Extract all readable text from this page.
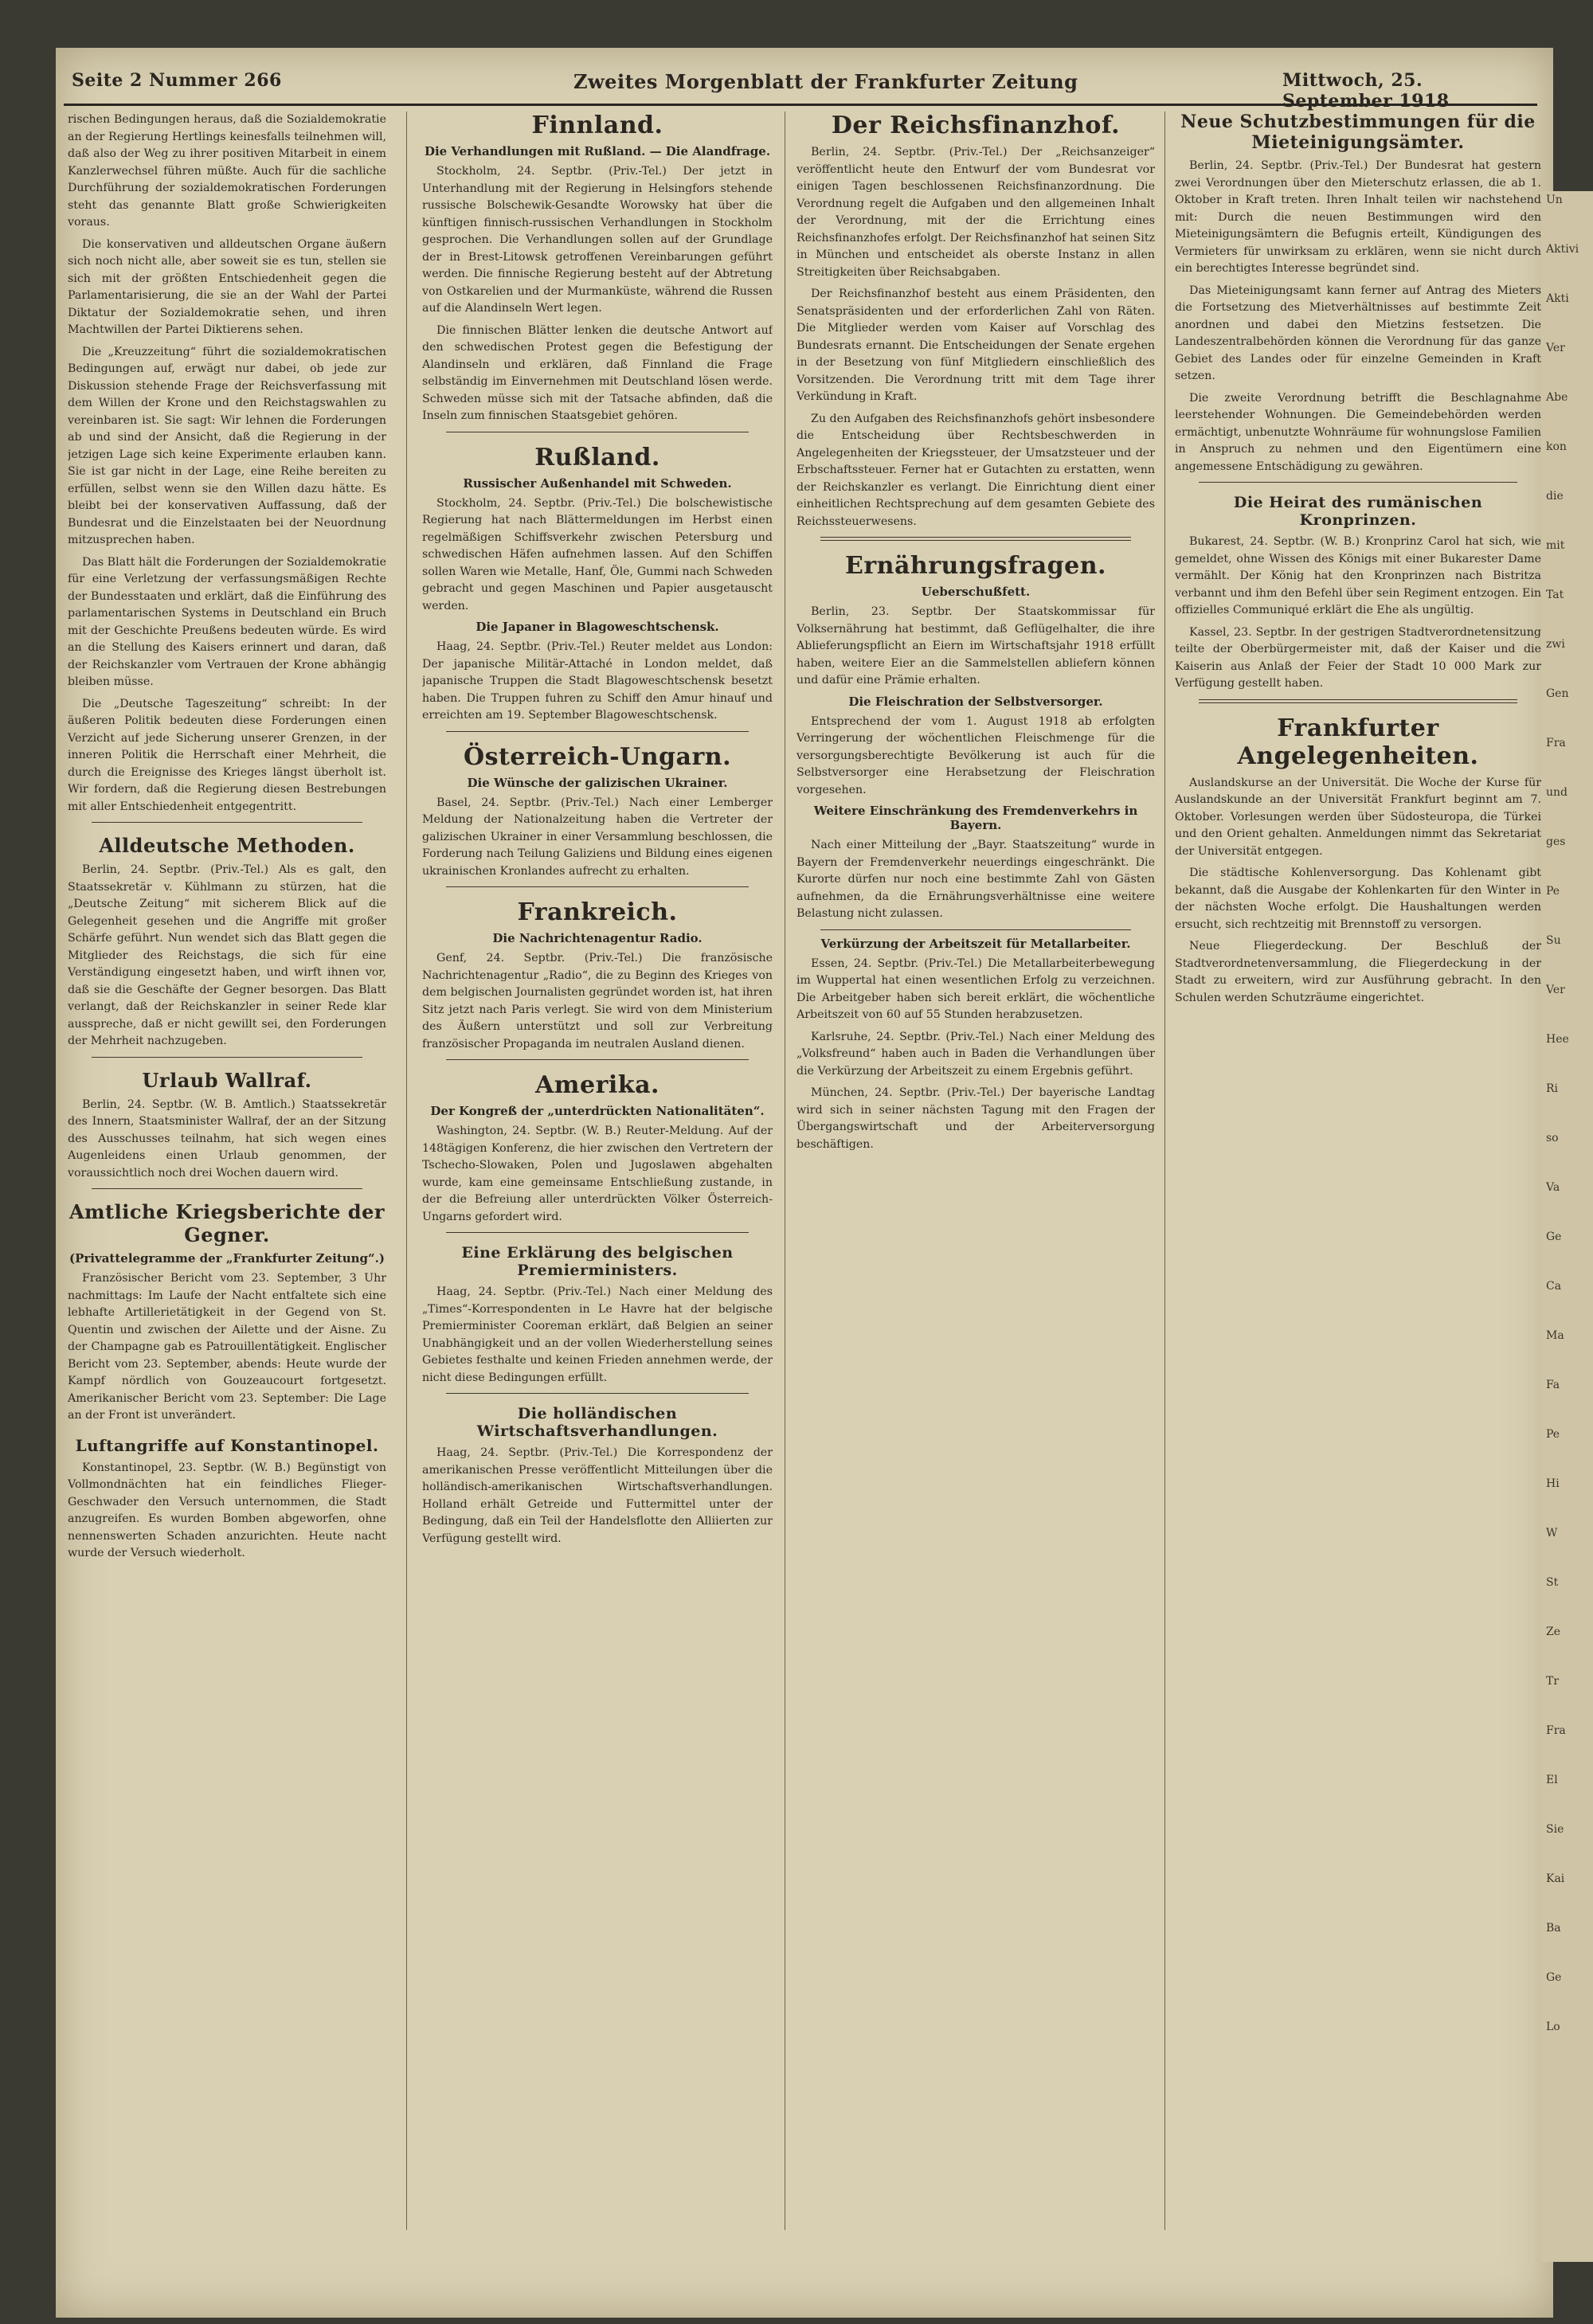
Un
Aktivi
Akti
Ver
Abe
kon
die
mit
Tat
zwi
Gen
Fra
und
ges
Pe
Su
Ver
Hee
Ri
so
Va
Ge
Ca
Ma
Fa
Pe
Hi
W
St
Ze
Tr
Fra
El
Sie
Kai
Ba
Ge
Lo
Seite 2 Nummer 266	Zweites Morgenblatt der Frankfurter Zeitung	Mittwoch, 25. September 1918

rischen Bedingungen heraus, daß die Sozialdemokratie an der Regierung Hertlings keinesfalls teilnehmen will, daß also der Weg zu ihrer positiven Mitarbeit in einem Kanzlerwechsel führen müßte. Auch für die sachliche Durchführung der sozialdemokratischen Forderungen steht das genannte Blatt große Schwierigkeiten voraus.

Die konservativen und alldeutschen Organe äußern sich noch nicht alle, aber soweit sie es tun, stellen sie sich mit der größten Entschiedenheit gegen die Parlamentarisierung, die sie an der Wahl der Partei Diktatur der Sozialdemokratie sehen, und ihren Machtwillen der Partei Diktierens sehen.

Die „Kreuzzeitung“ führt die sozialdemokratischen Bedingungen auf, erwägt nur dabei, ob jede zur Diskussion stehende Frage der Reichsverfassung mit dem Willen der Krone und den Reichstagswahlen zu vereinbaren ist. Sie sagt: Wir lehnen die Forderungen ab und sind der Ansicht, daß die Regierung in der jetzigen Lage sich keine Experimente erlauben kann. Sie ist gar nicht in der Lage, eine Reihe bereiten zu erfüllen, selbst wenn sie den Willen dazu hätte. Es bleibt bei der konservativen Auffassung, daß der Bundesrat und die Einzelstaaten bei der Neuordnung mitzusprechen haben.

Das Blatt hält die Forderungen der Sozialdemokratie für eine Verletzung der verfassungsmäßigen Rechte der Bundesstaaten und erklärt, daß die Einführung des parlamentarischen Systems in Deutschland ein Bruch mit der Geschichte Preußens bedeuten würde. Es wird an die Stellung des Kaisers erinnert und daran, daß der Reichskanzler vom Vertrauen der Krone abhängig bleiben müsse.

Die „Deutsche Tageszeitung“ schreibt: In der äußeren Politik bedeuten diese Forderungen einen Verzicht auf jede Sicherung unserer Grenzen, in der inneren Politik die Herrschaft einer Mehrheit, die durch die Ereignisse des Krieges längst überholt ist. Wir fordern, daß die Regierung diesen Bestrebungen mit aller Entschiedenheit entgegentritt.

Alldeutsche Methoden.

Berlin, 24. Septbr. (Priv.-Tel.) Als es galt, den Staatssekretär v. Kühlmann zu stürzen, hat die „Deutsche Zeitung“ mit sicherem Blick auf die Gelegenheit gesehen und die Angriffe mit großer Schärfe geführt. Nun wendet sich das Blatt gegen die Mitglieder des Reichstags, die sich für eine Verständigung eingesetzt haben, und wirft ihnen vor, daß sie die Geschäfte der Gegner besorgen. Das Blatt verlangt, daß der Reichskanzler in seiner Rede klar ausspreche, daß er nicht gewillt sei, den Forderungen der Mehrheit nachzugeben.

Urlaub Wallraf.

Berlin, 24. Septbr. (W. B. Amtlich.) Staatssekretär des Innern, Staatsminister Wallraf, der an der Sitzung des Ausschusses teilnahm, hat sich wegen eines Augenleidens einen Urlaub genommen, der voraussichtlich noch drei Wochen dauern wird.

Amtliche Kriegsberichte der Gegner.
(Privattelegramme der „Frankfurter Zeitung“.)

Französischer Bericht vom 23. September, 3 Uhr nachmittags: Im Laufe der Nacht entfaltete sich eine lebhafte Artillerietätigkeit in der Gegend von St. Quentin und zwischen der Ailette und der Aisne. Zu der Champagne gab es Patrouillentätigkeit. Englischer Bericht vom 23. September, abends: Heute wurde der Kampf nördlich von Gouzeaucourt fortgesetzt. Amerikanischer Bericht vom 23. September: Die Lage an der Front ist unverändert.

Luftangriffe auf Konstantinopel.

Konstantinopel, 23. Septbr. (W. B.) Begünstigt von Vollmondnächten hat ein feindliches Flieger-Geschwader den Versuch unternommen, die Stadt anzugreifen. Es wurden Bomben abgeworfen, ohne nennenswerten Schaden anzurichten. Heute nacht wurde der Versuch wiederholt.

Finnland.
Die Verhandlungen mit Rußland. — Die Alandfrage.

Stockholm, 24. Septbr. (Priv.-Tel.) Der jetzt in Unterhandlung mit der Regierung in Helsingfors stehende russische Bolschewik-Gesandte Worowsky hat über die künftigen finnisch-russischen Verhandlungen in Stockholm gesprochen. Die Verhandlungen sollen auf der Grundlage der in Brest-Litowsk getroffenen Vereinbarungen geführt werden. Die finnische Regierung besteht auf der Abtretung von Ostkarelien und der Murmanküste, während die Russen auf die Alandinseln Wert legen.

Die finnischen Blätter lenken die deutsche Antwort auf den schwedischen Protest gegen die Befestigung der Alandinseln und erklären, daß Finnland die Frage selbständig im Einvernehmen mit Deutschland lösen werde. Schweden müsse sich mit der Tatsache abfinden, daß die Inseln zum finnischen Staatsgebiet gehören.

Rußland.
Russischer Außenhandel mit Schweden.

Stockholm, 24. Septbr. (Priv.-Tel.) Die bolschewistische Regierung hat nach Blättermeldungen im Herbst einen regelmäßigen Schiffsverkehr zwischen Petersburg und schwedischen Häfen aufnehmen lassen. Auf den Schiffen sollen Waren wie Metalle, Hanf, Öle, Gummi nach Schweden gebracht und gegen Maschinen und Papier ausgetauscht werden.

Die Japaner in Blagoweschtschensk.

Haag, 24. Septbr. (Priv.-Tel.) Reuter meldet aus London: Der japanische Militär-Attaché in London meldet, daß japanische Truppen die Stadt Blagoweschtschensk besetzt haben. Die Truppen fuhren zu Schiff den Amur hinauf und erreichten am 19. September Blagoweschtschensk.

Österreich-Ungarn.
Die Wünsche der galizischen Ukrainer.

Basel, 24. Septbr. (Priv.-Tel.) Nach einer Lemberger Meldung der Nationalzeitung haben die Vertreter der galizischen Ukrainer in einer Versammlung beschlossen, die Forderung nach Teilung Galiziens und Bildung eines eigenen ukrainischen Kronlandes aufrecht zu erhalten.

Frankreich.
Die Nachrichtenagentur Radio.

Genf, 24. Septbr. (Priv.-Tel.) Die französische Nachrichtenagentur „Radio“, die zu Beginn des Krieges von dem belgischen Journalisten gegründet worden ist, hat ihren Sitz jetzt nach Paris verlegt. Sie wird von dem Ministerium des Äußern unterstützt und soll zur Verbreitung französischer Propaganda im neutralen Ausland dienen.

Amerika.
Der Kongreß der „unterdrückten Nationalitäten“.

Washington, 24. Septbr. (W. B.) Reuter-Meldung. Auf der 148tägigen Konferenz, die hier zwischen den Vertretern der Tschecho-Slowaken, Polen und Jugoslawen abgehalten wurde, kam eine gemeinsame Entschließung zustande, in der die Befreiung aller unterdrückten Völker Österreich-Ungarns gefordert wird.

Eine Erklärung des belgischen Premierministers.

Haag, 24. Septbr. (Priv.-Tel.) Nach einer Meldung des „Times“-Korrespondenten in Le Havre hat der belgische Premierminister Cooreman erklärt, daß Belgien an seiner Unabhängigkeit und an der vollen Wiederherstellung seines Gebietes festhalte und keinen Frieden annehmen werde, der nicht diese Bedingungen erfüllt.

Die holländischen Wirtschaftsverhandlungen.

Haag, 24. Septbr. (Priv.-Tel.) Die Korrespondenz der amerikanischen Presse veröffentlicht Mitteilungen über die holländisch-amerikanischen Wirtschaftsverhandlungen. Holland erhält Getreide und Futtermittel unter der Bedingung, daß ein Teil der Handelsflotte den Alliierten zur Verfügung gestellt wird.

Der Reichsfinanzhof.

Berlin, 24. Septbr. (Priv.-Tel.) Der „Reichsanzeiger“ veröffentlicht heute den Entwurf der vom Bundesrat vor einigen Tagen beschlossenen Reichsfinanzordnung. Die Verordnung regelt die Aufgaben und den allgemeinen Inhalt der Verordnung, mit der die Errichtung eines Reichsfinanzhofes erfolgt. Der Reichsfinanzhof hat seinen Sitz in München und entscheidet als oberste Instanz in allen Streitigkeiten über Reichsabgaben.

Der Reichsfinanzhof besteht aus einem Präsidenten, den Senatspräsidenten und der erforderlichen Zahl von Räten. Die Mitglieder werden vom Kaiser auf Vorschlag des Bundesrats ernannt. Die Entscheidungen der Senate ergehen in der Besetzung von fünf Mitgliedern einschließlich des Vorsitzenden. Die Verordnung tritt mit dem Tage ihrer Verkündung in Kraft.

Zu den Aufgaben des Reichsfinanzhofs gehört insbesondere die Entscheidung über Rechtsbeschwerden in Angelegenheiten der Kriegssteuer, der Umsatzsteuer und der Erbschaftssteuer. Ferner hat er Gutachten zu erstatten, wenn der Reichskanzler es verlangt. Die Einrichtung dient einer einheitlichen Rechtsprechung auf dem gesamten Gebiete des Reichssteuerwesens.

Ernährungsfragen.
Ueberschußfett.

Berlin, 23. Septbr. Der Staatskommissar für Volksernährung hat bestimmt, daß Geflügelhalter, die ihre Ablieferungspflicht an Eiern im Wirtschaftsjahr 1918 erfüllt haben, weitere Eier an die Sammelstellen abliefern können und dafür eine Prämie erhalten.

Die Fleischration der Selbstversorger.

Entsprechend der vom 1. August 1918 ab erfolgten Verringerung der wöchentlichen Fleischmenge für die versorgungsberechtigte Bevölkerung ist auch für die Selbstversorger eine Herabsetzung der Fleischration vorgesehen.

Weitere Einschränkung des Fremdenverkehrs in Bayern.

Nach einer Mitteilung der „Bayr. Staatszeitung“ wurde in Bayern der Fremdenverkehr neuerdings eingeschränkt. Die Kurorte dürfen nur noch eine bestimmte Zahl von Gästen aufnehmen, da die Ernährungsverhältnisse eine weitere Belastung nicht zulassen.

Verkürzung der Arbeitszeit für Metallarbeiter.

Essen, 24. Septbr. (Priv.-Tel.) Die Metallarbeiterbewegung im Wuppertal hat einen wesentlichen Erfolg zu verzeichnen. Die Arbeitgeber haben sich bereit erklärt, die wöchentliche Arbeitszeit von 60 auf 55 Stunden herabzusetzen.

Karlsruhe, 24. Septbr. (Priv.-Tel.) Nach einer Meldung des „Volksfreund“ haben auch in Baden die Verhandlungen über die Verkürzung der Arbeitszeit zu einem Ergebnis geführt.

München, 24. Septbr. (Priv.-Tel.) Der bayerische Landtag wird sich in seiner nächsten Tagung mit den Fragen der Übergangswirtschaft und der Arbeiterversorgung beschäftigen.

Neue Schutzbestimmungen für die Mieteinigungsämter.

Berlin, 24. Septbr. (Priv.-Tel.) Der Bundesrat hat gestern zwei Verordnungen über den Mieterschutz erlassen, die ab 1. Oktober in Kraft treten. Ihren Inhalt teilen wir nachstehend mit: Durch die neuen Bestimmungen wird den Mieteinigungsämtern die Befugnis erteilt, Kündigungen des Vermieters für unwirksam zu erklären, wenn sie nicht durch ein berechtigtes Interesse begründet sind.

Das Mieteinigungsamt kann ferner auf Antrag des Mieters die Fortsetzung des Mietverhältnisses auf bestimmte Zeit anordnen und dabei den Mietzins festsetzen. Die Landeszentralbehörden können die Verordnung für das ganze Gebiet des Landes oder für einzelne Gemeinden in Kraft setzen.

Die zweite Verordnung betrifft die Beschlagnahme leerstehender Wohnungen. Die Gemeindebehörden werden ermächtigt, unbenutzte Wohnräume für wohnungslose Familien in Anspruch zu nehmen und den Eigentümern eine angemessene Entschädigung zu gewähren.

Die Heirat des rumänischen Kronprinzen.

Bukarest, 24. Septbr. (W. B.) Kronprinz Carol hat sich, wie gemeldet, ohne Wissen des Königs mit einer Bukarester Dame vermählt. Der König hat den Kronprinzen nach Bistritza verbannt und ihm den Befehl über sein Regiment entzogen. Ein offizielles Communiqué erklärt die Ehe als ungültig.

Kassel, 23. Septbr. In der gestrigen Stadtverordnetensitzung teilte der Oberbürgermeister mit, daß der Kaiser und die Kaiserin aus Anlaß der Feier der Stadt 10 000 Mark zur Verfügung gestellt haben.

Frankfurter Angelegenheiten.

Auslandskurse an der Universität. Die Woche der Kurse für Auslandskunde an der Universität Frankfurt beginnt am 7. Oktober. Vorlesungen werden über Südosteuropa, die Türkei und den Orient gehalten. Anmeldungen nimmt das Sekretariat der Universität entgegen.

Die städtische Kohlenversorgung. Das Kohlenamt gibt bekannt, daß die Ausgabe der Kohlenkarten für den Winter in der nächsten Woche erfolgt. Die Haushaltungen werden ersucht, sich rechtzeitig mit Brennstoff zu versorgen.

Neue Fliegerdeckung. Der Beschluß der Stadtverordnetenversammlung, die Fliegerdeckung in der Stadt zu erweitern, wird zur Ausführung gebracht. In den Schulen werden Schutzräume eingerichtet.
